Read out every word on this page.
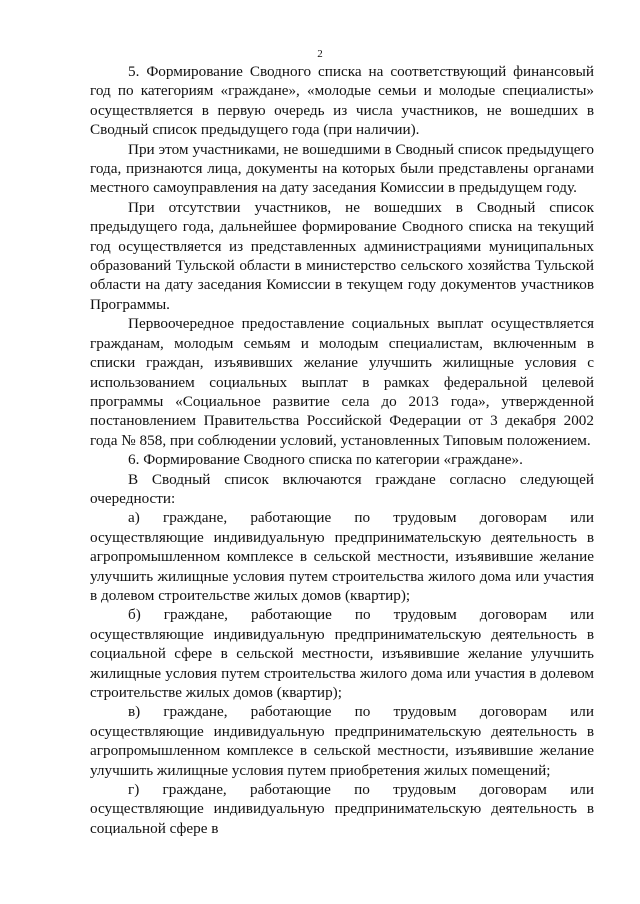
2

5. Формирование Сводного списка на соответствующий финансовый год по категориям «граждане», «молодые семьи и молодые специалисты» осуществляется в первую очередь из числа участников, не вошедших в Сводный список предыдущего года (при наличии).

При этом участниками, не вошедшими в Сводный список предыдущего года, признаются лица, документы на которых были представлены органами местного самоуправления на дату заседания Комиссии в предыдущем году.

При отсутствии участников, не вошедших в Сводный список предыдущего года, дальнейшее формирование Сводного списка на текущий год осуществляется из представленных администрациями муниципальных образований Тульской области в министерство сельского хозяйства Тульской области на дату заседания Комиссии в текущем году документов участников Программы.

Первоочередное предоставление социальных выплат осуществляется гражданам, молодым семьям и молодым специалистам, включенным в списки граждан, изъявивших желание улучшить жилищные условия с использованием социальных выплат в рамках федеральной целевой программы «Социальное развитие села до 2013 года», утвержденной постановлением Правительства Российской Федерации от 3 декабря 2002 года № 858, при соблюдении условий, установленных Типовым положением.

6. Формирование Сводного списка по категории «граждане».

В Сводный список включаются граждане согласно следующей очередности:

а) граждане, работающие по трудовым договорам или осуществляющие индивидуальную предпринимательскую деятельность в агропромышленном комплексе в сельской местности, изъявившие желание улучшить жилищные условия путем строительства жилого дома или участия в долевом строительстве жилых домов (квартир);

б) граждане, работающие по трудовым договорам или осуществляющие индивидуальную предпринимательскую деятельность в социальной сфере в сельской местности, изъявившие желание улучшить жилищные условия путем строительства жилого дома или участия в долевом строительстве жилых домов (квартир);

в) граждане, работающие по трудовым договорам или осуществляющие индивидуальную предпринимательскую деятельность в агропромышленном комплексе в сельской местности, изъявившие желание улучшить жилищные условия путем приобретения жилых помещений;

г) граждане, работающие по трудовым договорам или осуществляющие индивидуальную предпринимательскую деятельность в социальной сфере в
